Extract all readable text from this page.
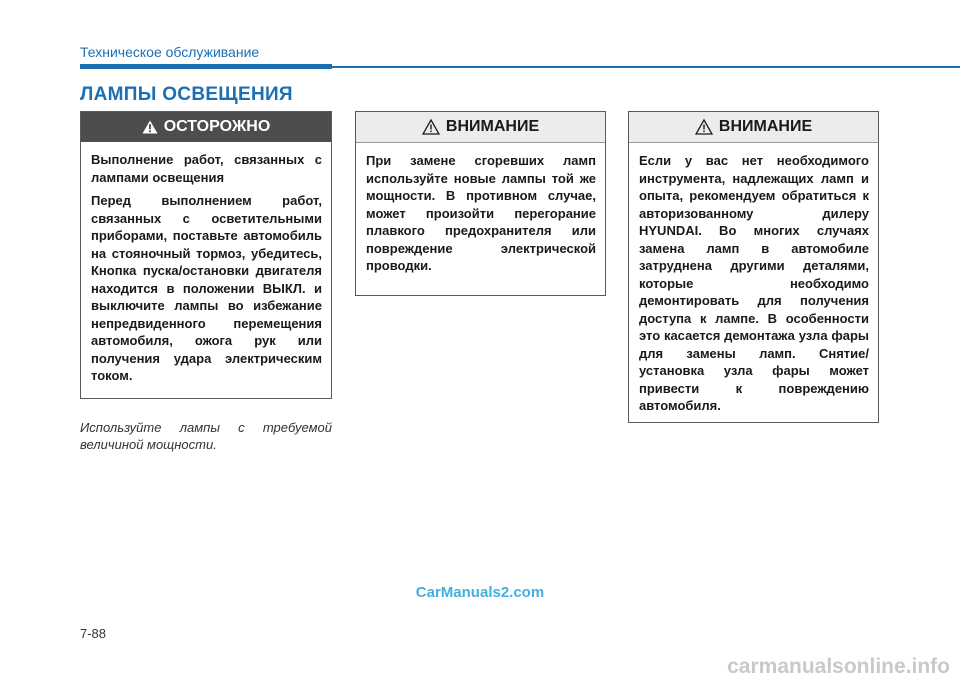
Техническое обслуживание
ЛАМПЫ ОСВЕЩЕНИЯ
ОСТОРОЖНО

Выполнение работ, связанных с лампами освещения

Перед выполнением работ, связанных с осветительными приборами, поставьте автомобиль на стояночный тормоз, убедитесь, Кнопка пуска/остановки двигателя находится в положении ВЫКЛ. и выключите лампы во избежание непредвиденного перемещения автомобиля, ожога рук или получения удара электрическим током.

Используйте лампы с требуемой величиной мощности.
ВНИМАНИЕ

При замене сгоревших ламп используйте новые лампы той же мощности. В противном случае, может произойти перегорание плавкого предохранителя или повреждение электрической проводки.

ВНИМАНИЕ

Если у вас нет необходимого инструмента, надлежащих ламп и опыта, рекомендуем обратиться к авторизованному дилеру HYUNDAI. Во многих случаях замена ламп в автомобиле затруднена другими деталями, которые необходимо демонтировать для получения доступа к лампе. В особенности это касается демонтажа узла фары для замены ламп. Снятие/установка узла фары может привести к повреждению автомобиля.

CarManuals2.com
7-88
carmanualsonline.info
